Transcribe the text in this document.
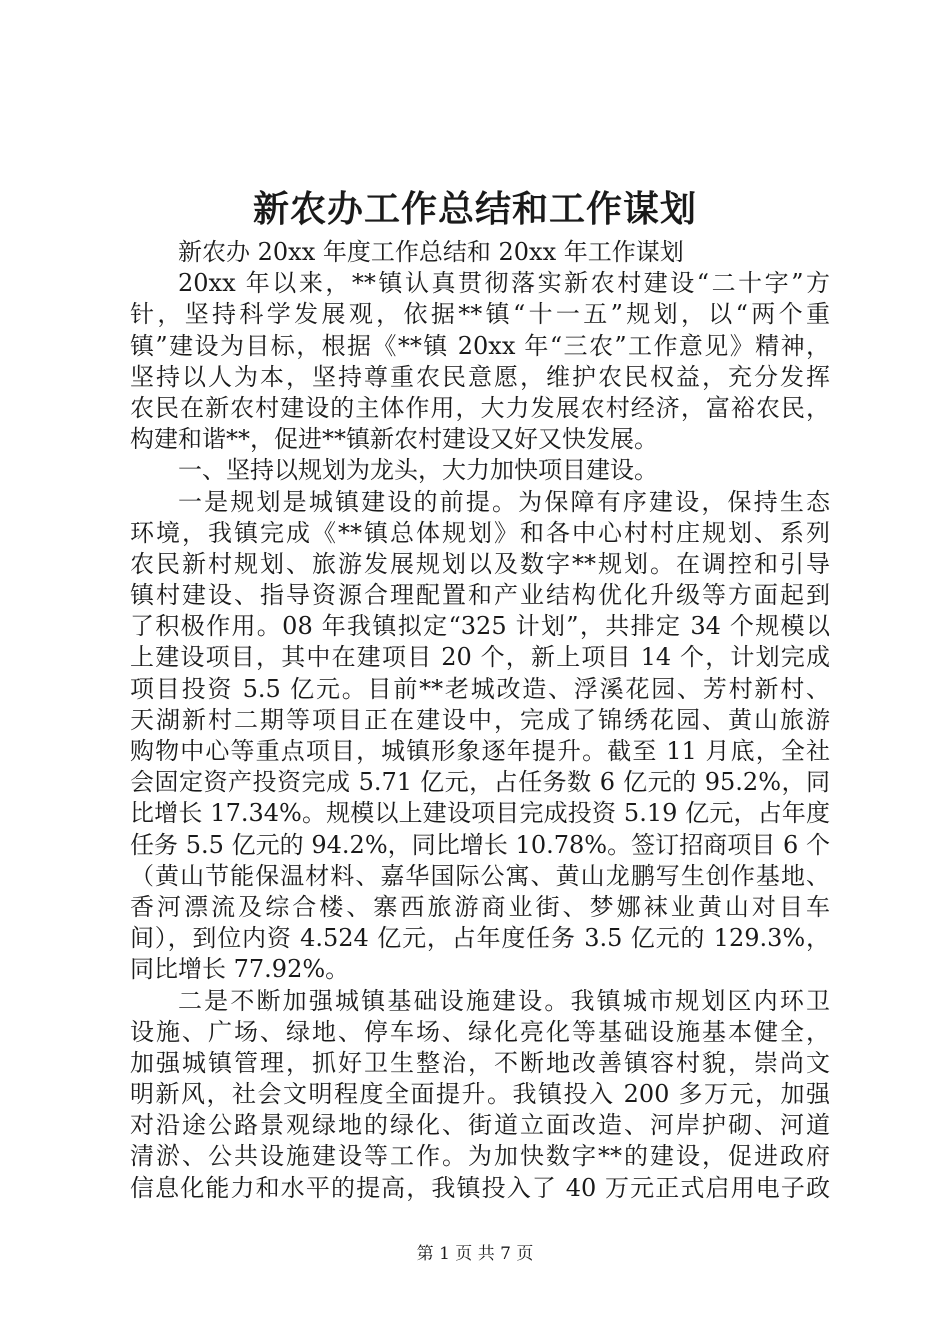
新农办工作总结和工作谋划
新农办 20xx 年度工作总结和 20xx 年工作谋划
20xx 年以来，**镇认真贯彻落实新农村建设“二十字”方
针，坚持科学发展观，依据**镇“十一五”规划，以“两个重
镇”建设为目标，根据《**镇 20xx 年“三农”工作意见》精神，
坚持以人为本，坚持尊重农民意愿，维护农民权益，充分发挥
农民在新农村建设的主体作用，大力发展农村经济，富裕农民，
构建和谐**，促进**镇新农村建设又好又快发展。
一、坚持以规划为龙头，大力加快项目建设。
一是规划是城镇建设的前提。为保障有序建设，保持生态
环境，我镇完成《**镇总体规划》和各中心村村庄规划、系列
农民新村规划、旅游发展规划以及数字**规划。在调控和引导
镇村建设、指导资源合理配置和产业结构优化升级等方面起到
了积极作用。08 年我镇拟定“325 计划”，共排定 34 个规模以
上建设项目，其中在建项目 20 个，新上项目 14 个，计划完成
项目投资 5.5 亿元。目前**老城改造、浮溪花园、芳村新村、
天湖新村二期等项目正在建设中，完成了锦绣花园、黄山旅游
购物中心等重点项目，城镇形象逐年提升。截至 11 月底，全社
会固定资产投资完成 5.71 亿元，占任务数 6 亿元的 95.2%，同
比增长 17.34%。规模以上建设项目完成投资 5.19 亿元，占年度
任务 5.5 亿元的 94.2%，同比增长 10.78%。签订招商项目 6 个
（黄山节能保温材料、嘉华国际公寓、黄山龙鹏写生创作基地、
香河漂流及综合楼、寨西旅游商业街、梦娜袜业黄山对目车
间），到位内资 4.524 亿元，占年度任务 3.5 亿元的 129.3%，
同比增长 77.92%。
二是不断加强城镇基础设施建设。我镇城市规划区内环卫
设施、广场、绿地、停车场、绿化亮化等基础设施基本健全，
加强城镇管理，抓好卫生整治，不断地改善镇容村貌，崇尚文
明新风，社会文明程度全面提升。我镇投入 200 多万元，加强
对沿途公路景观绿地的绿化、街道立面改造、河岸护砌、河道
清淤、公共设施建设等工作。为加快数字**的建设，促进政府
信息化能力和水平的提高，我镇投入了 40 万元正式启用电子政
第 1 页 共 7 页
